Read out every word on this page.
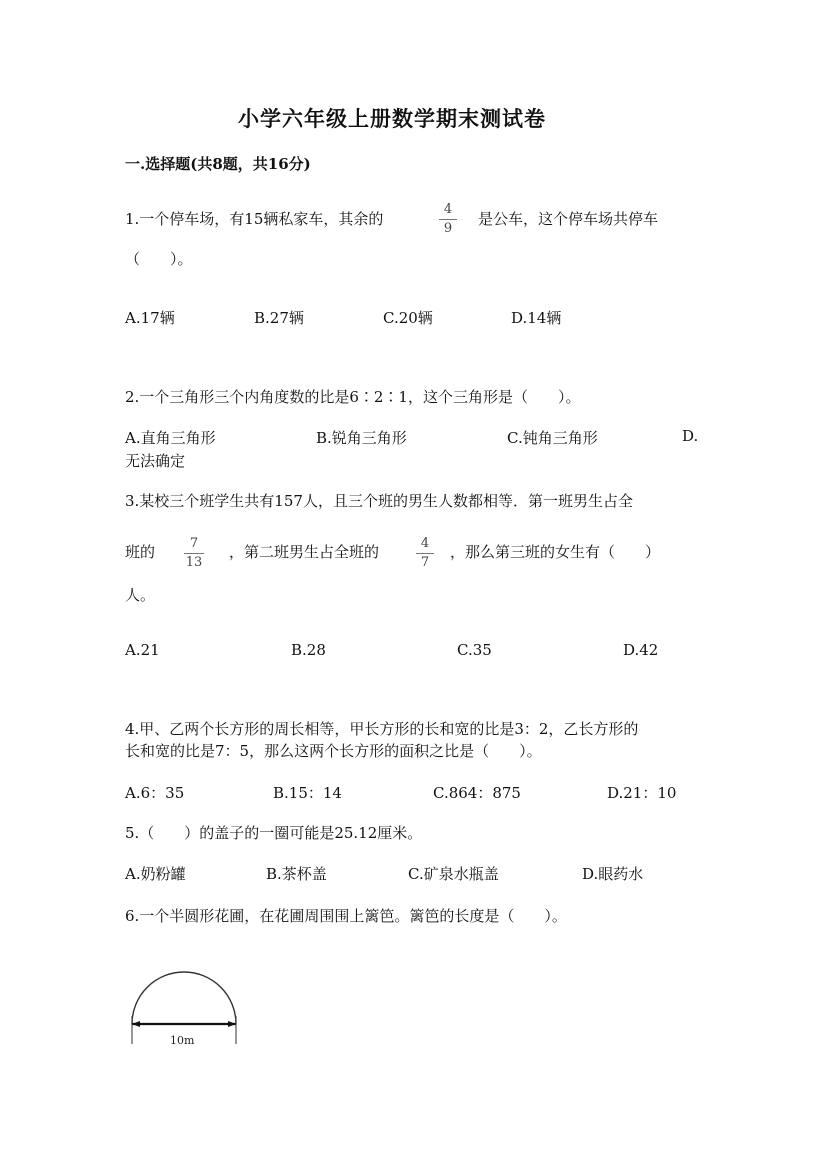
小学六年级上册数学期末测试卷
一.选择题(共8题，共16分)
1.一个停车场，有15辆私家车，其余的
4
9
是公车，这个停车场共停车
（　　）。
A.17辆	B.27辆	C.20辆	D.14辆
2.一个三角形三个内角度数的比是6∶2∶1，这个三角形是（　　）。
A.直角三角形	B.锐角三角形	C.钝角三角形	D.
无法确定
3.某校三个班学生共有157人，且三个班的男生人数都相等．第一班男生占全
班的	7
13
，第二班男生占全班的	4
7
，那么第三班的女生有（　　）
人。
A.21	B.28	C.35	D.42
4.甲、乙两个长方形的周长相等，甲长方形的长和宽的比是3：2，乙长方形的
长和宽的比是7：5，那么这两个长方形的面积之比是（　　）。
A.6：35	B.15：14	C.864：875	D.21：10
5.（　　）的盖子的一圈可能是25.12厘米。
A.奶粉罐	B.茶杯盖	C.矿泉水瓶盖	D.眼药水
6.一个半圆形花圃，在花圃周围围上篱笆。篱笆的长度是（　　）。
10m
